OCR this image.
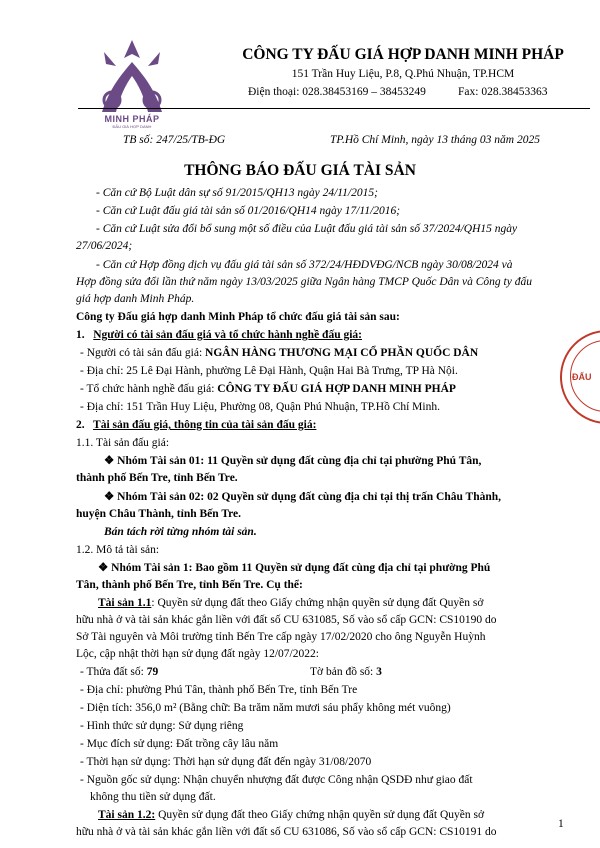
MINH PHÁP
ĐẤU GIÁ HỢP DANH
CÔNG TY ĐẤU GIÁ HỢP DANH MINH PHÁP
151 Trần Huy Liệu, P.8, Q.Phú Nhuận, TP.HCM
Điện thoại: 028.38453169 – 38453249	Fax: 028.38453363
TB số: 247/25/TB-ĐG	TP.Hồ Chí Minh, ngày 13 tháng 03 năm 2025
THÔNG BÁO ĐẤU GIÁ TÀI SẢN
- Căn cứ Bộ Luật dân sự số 91/2015/QH13 ngày 24/11/2015;
- Căn cứ Luật đấu giá tài sản số 01/2016/QH14 ngày 17/11/2016;
- Căn cứ Luật sửa đổi bổ sung một số điều của Luật đấu giá tài sản số 37/2024/QH15 ngày
27/06/2024;
- Căn cứ Hợp đồng dịch vụ đấu giá tài sản số 372/24/HĐDVĐG/NCB ngày 30/08/2024 và
Hợp đồng sửa đổi lần thứ năm ngày 13/03/2025 giữa Ngân hàng TMCP Quốc Dân và Công ty đấu
giá hợp danh Minh Pháp.
Công ty Đấu giá hợp danh Minh Pháp tổ chức đấu giá tài sản sau:
1. Người có tài sản đấu giá và tổ chức hành nghề đấu giá:
- Người có tài sản đấu giá: NGÂN HÀNG THƯƠNG MẠI CỔ PHẦN QUỐC DÂN
- Địa chỉ: 25 Lê Đại Hành, phường Lê Đại Hành, Quận Hai Bà Trưng, TP Hà Nội.
- Tổ chức hành nghề đấu giá: CÔNG TY ĐẤU GIÁ HỢP DANH MINH PHÁP
- Địa chỉ: 151 Trần Huy Liệu, Phường 08, Quận Phú Nhuận, TP.Hồ Chí Minh.
2. Tài sản đấu giá, thông tin của tài sản đấu giá:
1.1. Tài sản đấu giá:
❖ Nhóm Tài sản 01: 11 Quyền sử dụng đất cùng địa chỉ tại phường Phú Tân,
thành phố Bến Tre, tỉnh Bến Tre.
❖ Nhóm Tài sản 02: 02 Quyền sử dụng đất cùng địa chỉ tại thị trấn Châu Thành,
huyện Châu Thành, tỉnh Bến Tre.
Bán tách rời từng nhóm tài sản.
1.2. Mô tả tài sản:
❖ Nhóm Tài sản 1: Bao gồm 11 Quyền sử dụng đất cùng địa chỉ tại phường Phú
Tân, thành phố Bến Tre, tỉnh Bến Tre. Cụ thể:
Tài sản 1.1: Quyền sử dụng đất theo Giấy chứng nhận quyền sử dụng đất Quyền sở
hữu nhà ở và tài sản khác gắn liền với đất số CU 631085, Số vào sổ cấp GCN: CS10190 do
Sở Tài nguyên và Môi trường tỉnh Bến Tre cấp ngày 17/02/2020 cho ông Nguyễn Huỳnh
Lộc, cập nhật thời hạn sử dụng đất ngày 12/07/2022:
- Thửa đất số: 79	Tờ bản đồ số: 3
- Địa chỉ: phường Phú Tân, thành phố Bến Tre, tỉnh Bến Tre
- Diện tích: 356,0 m² (Bằng chữ: Ba trăm năm mươi sáu phẩy không mét vuông)
- Hình thức sử dụng: Sử dụng riêng
- Mục đích sử dụng: Đất trồng cây lâu năm
- Thời hạn sử dụng: Thời hạn sử dụng đất đến ngày 31/08/2070
- Nguồn gốc sử dụng: Nhận chuyển nhượng đất được Công nhận QSDĐ như giao đất
không thu tiền sử dụng đất.
Tài sản 1.2: Quyền sử dụng đất theo Giấy chứng nhận quyền sử dụng đất Quyền sở
hữu nhà ở và tài sản khác gắn liền với đất số CU 631086, Số vào sổ cấp GCN: CS10191 do
ĐẤU
1
